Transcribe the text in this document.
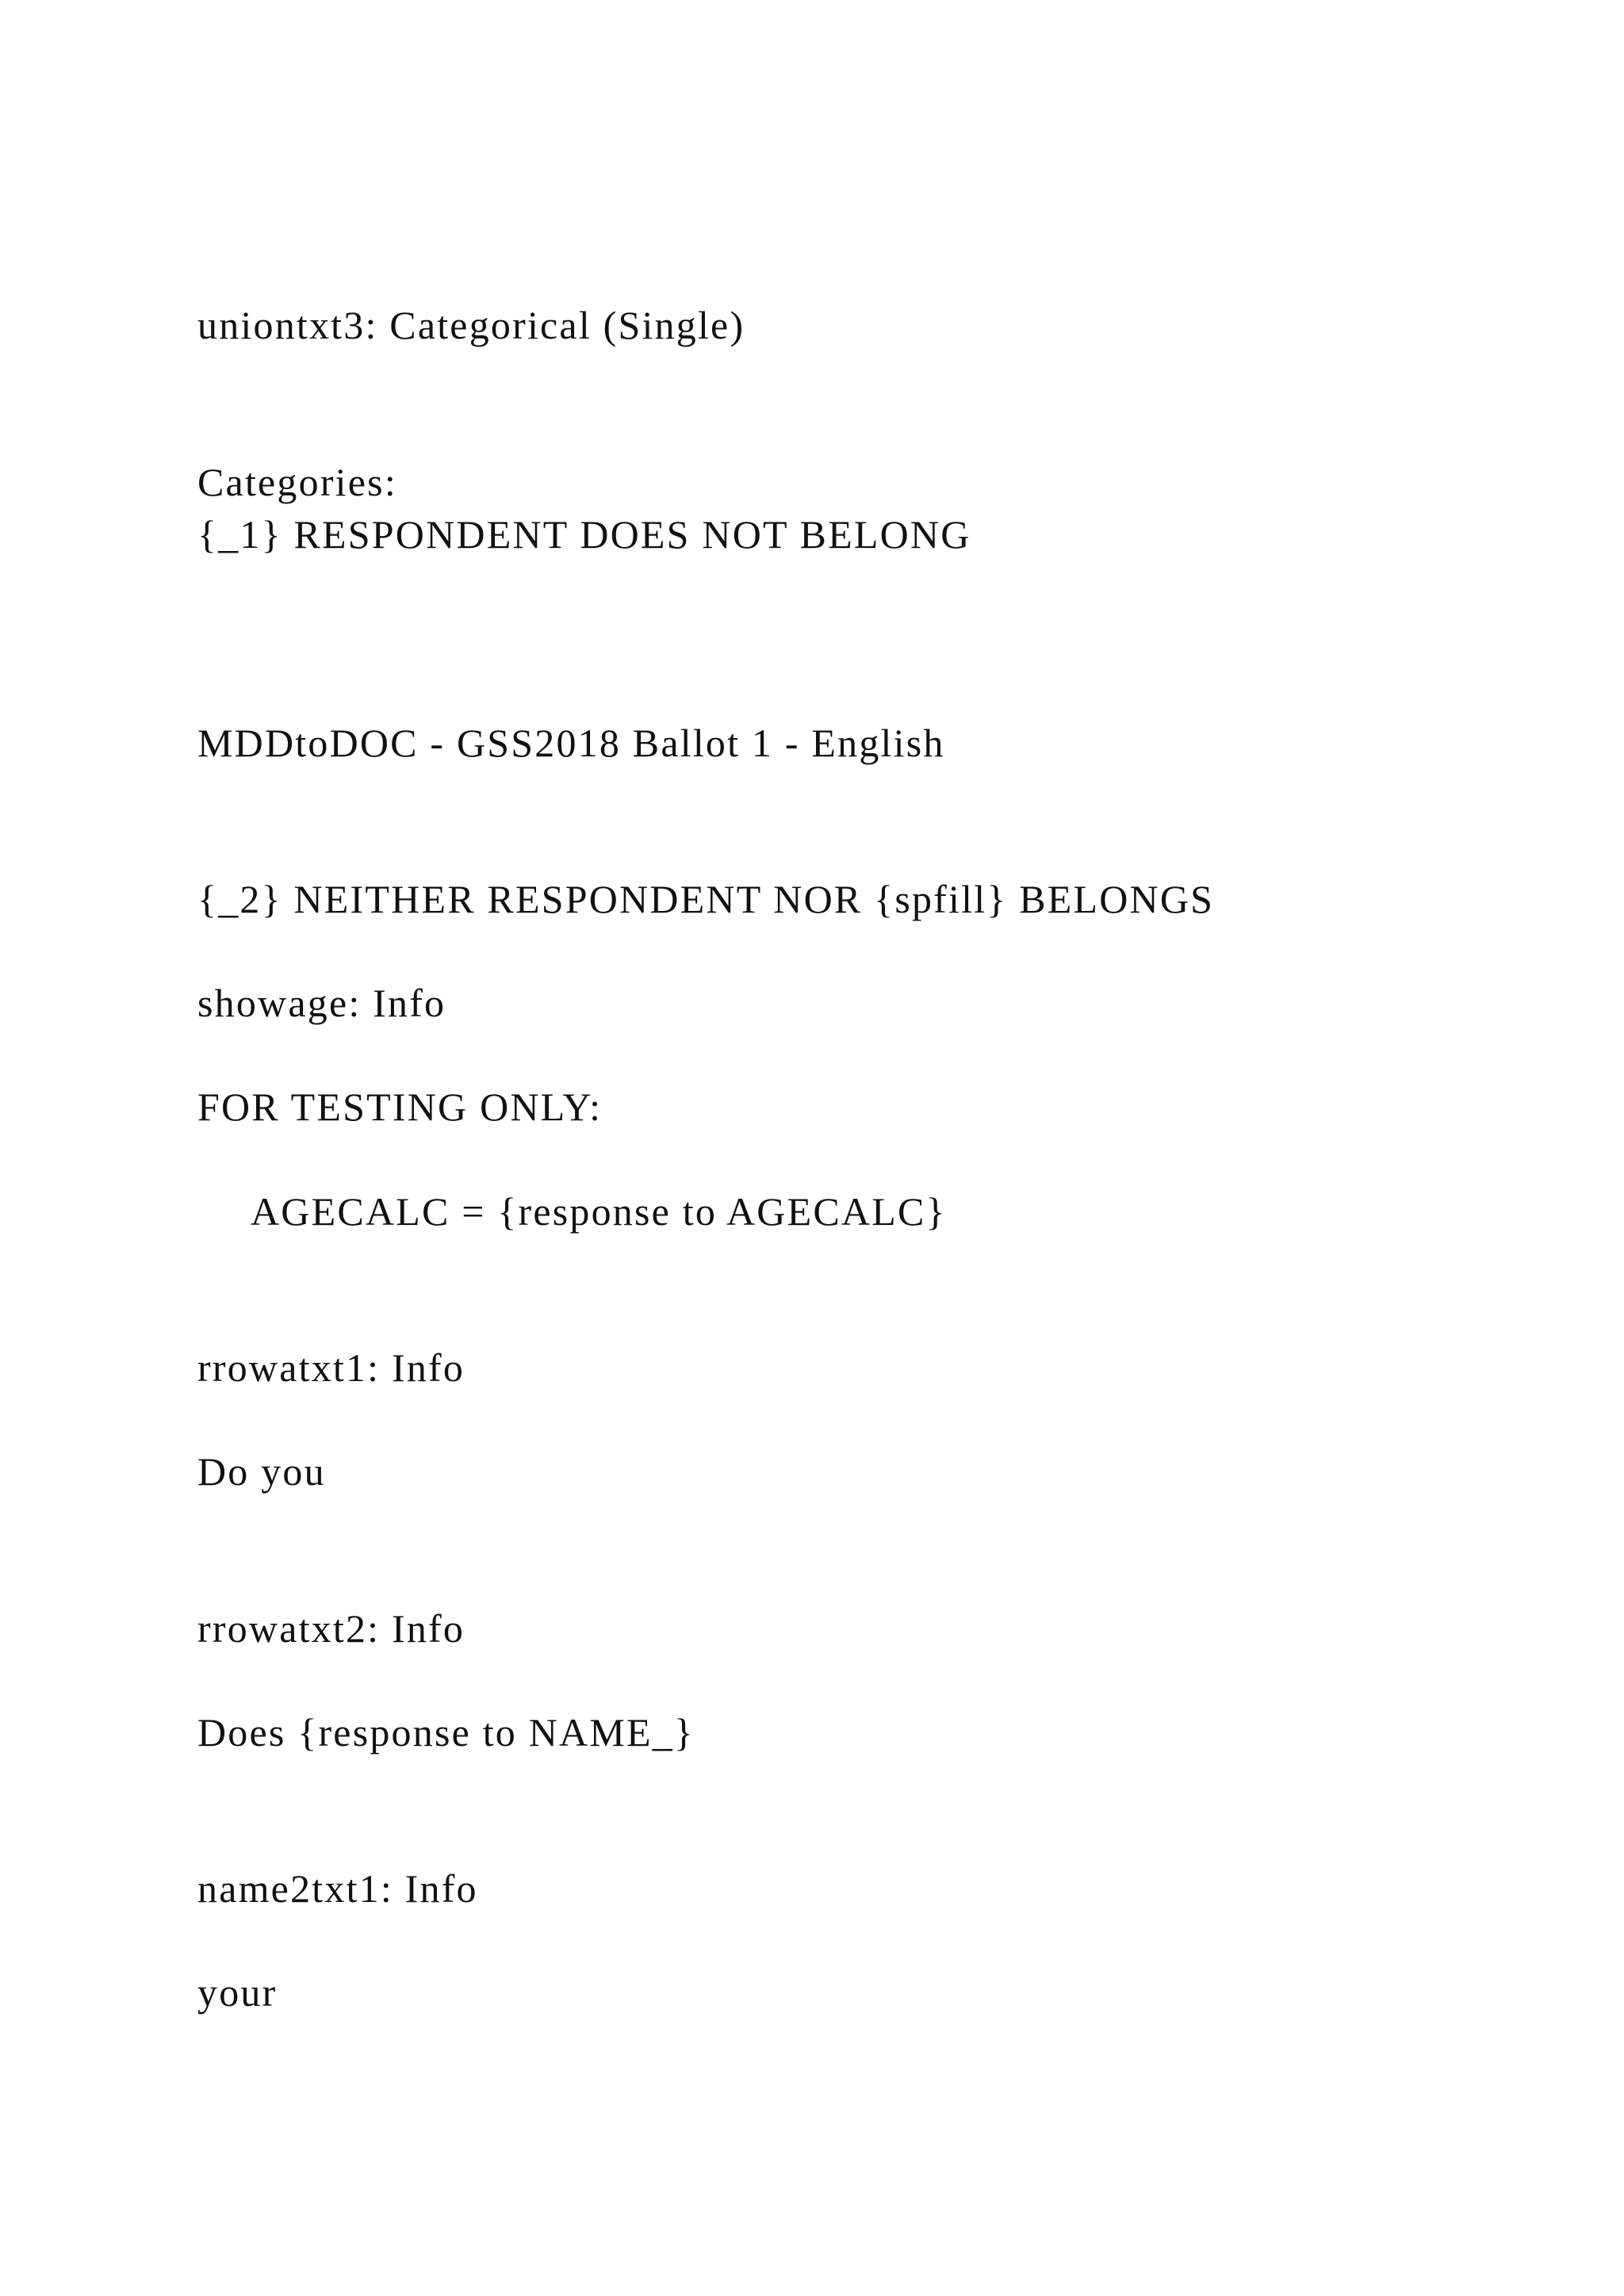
uniontxt3: Categorical (Single)
Categories:
{_1} RESPONDENT DOES NOT BELONG
MDDtoDOC - GSS2018 Ballot 1 - English
{_2} NEITHER RESPONDENT NOR {spfill} BELONGS
showage: Info
FOR TESTING ONLY:
AGECALC = {response to AGECALC}
rrowatxt1: Info
Do you
rrowatxt2: Info
Does {response to NAME_}
name2txt1: Info
your
